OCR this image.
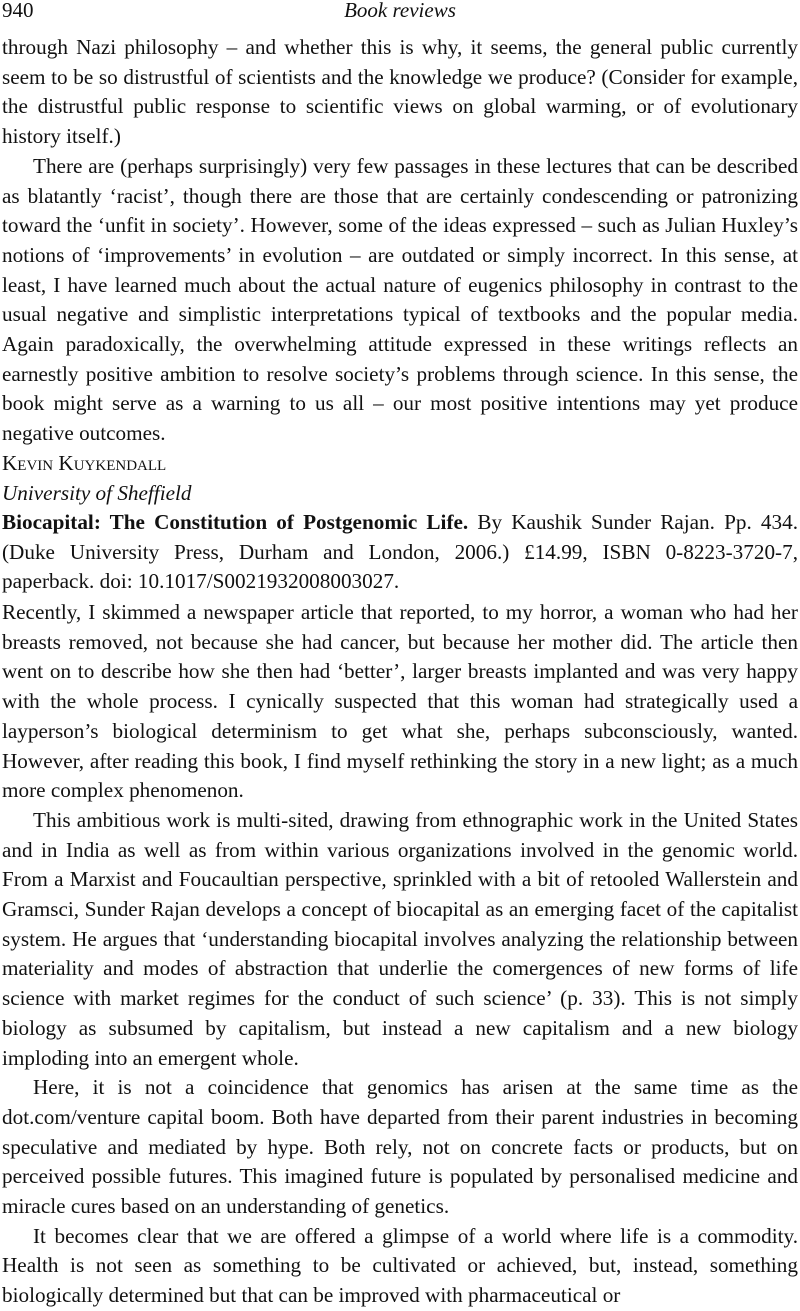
940	Book reviews

through Nazi philosophy – and whether this is why, it seems, the general public currently seem to be so distrustful of scientists and the knowledge we produce? (Consider for example, the distrustful public response to scientific views on global warming, or of evolutionary history itself.)

There are (perhaps surprisingly) very few passages in these lectures that can be described as blatantly ‘racist’, though there are those that are certainly condescending or patronizing toward the ‘unfit in society’. However, some of the ideas expressed – such as Julian Huxley’s notions of ‘improvements’ in evolution – are outdated or simply incorrect. In this sense, at least, I have learned much about the actual nature of eugenics philosophy in contrast to the usual negative and simplistic interpretations typical of textbooks and the popular media. Again paradoxically, the overwhelming attitude expressed in these writings reflects an earnestly positive ambition to resolve society’s problems through science. In this sense, the book might serve as a warning to us all – our most positive intentions may yet produce negative outcomes.

Kevin Kuykendall

University of Sheffield

Biocapital: The Constitution of Postgenomic Life. By Kaushik Sunder Rajan. Pp. 434. (Duke University Press, Durham and London, 2006.) £14.99, ISBN 0-8223-3720-7, paperback. doi: 10.1017/S0021932008003027.

Recently, I skimmed a newspaper article that reported, to my horror, a woman who had her breasts removed, not because she had cancer, but because her mother did. The article then went on to describe how she then had ‘better’, larger breasts implanted and was very happy with the whole process. I cynically suspected that this woman had strategically used a layperson’s biological determinism to get what she, perhaps subconsciously, wanted. However, after reading this book, I find myself rethinking the story in a new light; as a much more complex phenomenon.

This ambitious work is multi-sited, drawing from ethnographic work in the United States and in India as well as from within various organizations involved in the genomic world. From a Marxist and Foucaultian perspective, sprinkled with a bit of retooled Wallerstein and Gramsci, Sunder Rajan develops a concept of biocapital as an emerging facet of the capitalist system. He argues that ‘understanding biocapital involves analyzing the relationship between materiality and modes of abstraction that underlie the comergences of new forms of life science with market regimes for the conduct of such science’ (p. 33). This is not simply biology as subsumed by capitalism, but instead a new capitalism and a new biology imploding into an emergent whole.

Here, it is not a coincidence that genomics has arisen at the same time as the dot.com/venture capital boom. Both have departed from their parent industries in becoming speculative and mediated by hype. Both rely, not on concrete facts or products, but on perceived possible futures. This imagined future is populated by personalised medicine and miracle cures based on an understanding of genetics.

It becomes clear that we are offered a glimpse of a world where life is a commodity. Health is not seen as something to be cultivated or achieved, but, instead, something biologically determined but that can be improved with pharmaceutical or
